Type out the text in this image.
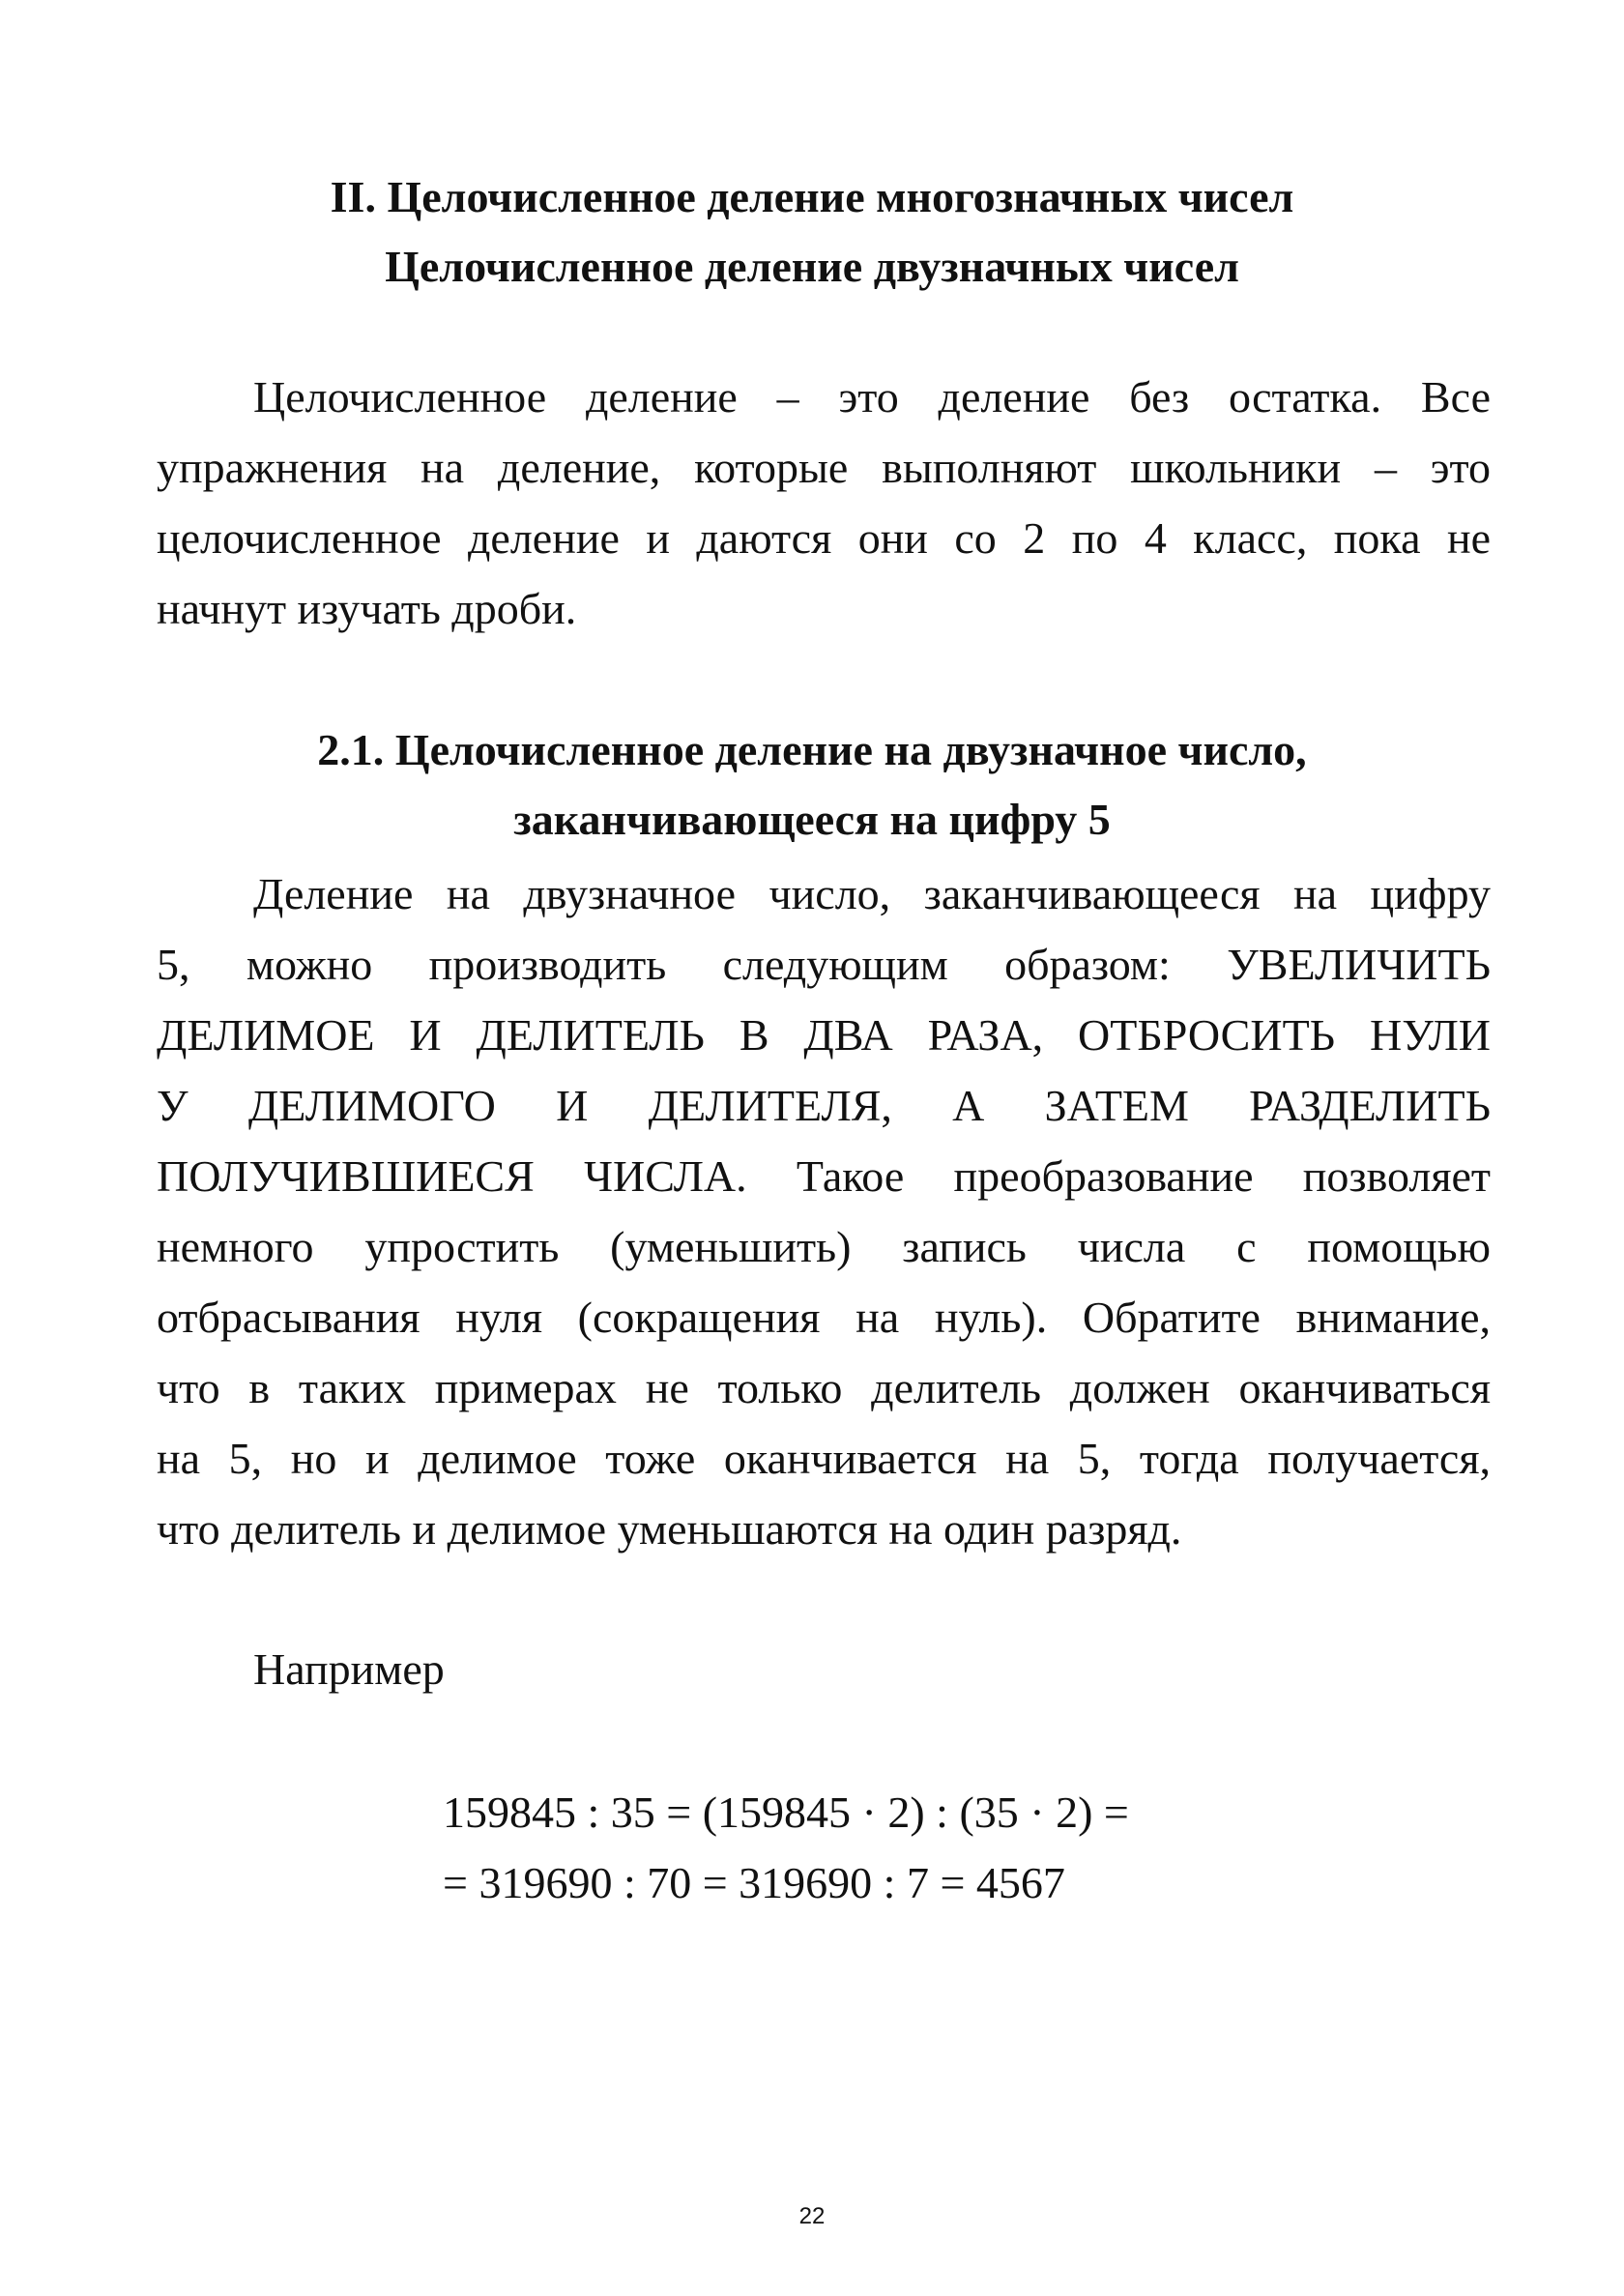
II. Целочисленное деление многозначных чисел
Целочисленное деление двузначных чисел

Целочисленное деление – это деление без остатка. Все
упражнения на деление, которые выполняют школьники – это
целочисленное деление и даются они со 2 по 4 класс, пока не
начнут изучать дроби.

2.1. Целочисленное деление на двузначное число,
заканчивающееся на цифру 5

Деление на двузначное число, заканчивающееся на цифру
5, можно производить следующим образом: УВЕЛИЧИТЬ
ДЕЛИМОЕ И ДЕЛИТЕЛЬ В ДВА РАЗА, ОТБРОСИТЬ НУЛИ
У ДЕЛИМОГО И ДЕЛИТЕЛЯ, А ЗАТЕМ РАЗДЕЛИТЬ
ПОЛУЧИВШИЕСЯ ЧИСЛА. Такое преобразование позволяет
немного упростить (уменьшить) запись числа с помощью
отбрасывания нуля (сокращения на нуль). Обратите внимание,
что в таких примерах не только делитель должен оканчиваться
на 5, но и делимое тоже оканчивается на 5, тогда получается,
что делитель и делимое уменьшаются на один разряд.

Например

159845 : 35 = (159845 · 2) : (35 · 2) =
= 319690 : 70 = 319690 : 7 = 4567
22
